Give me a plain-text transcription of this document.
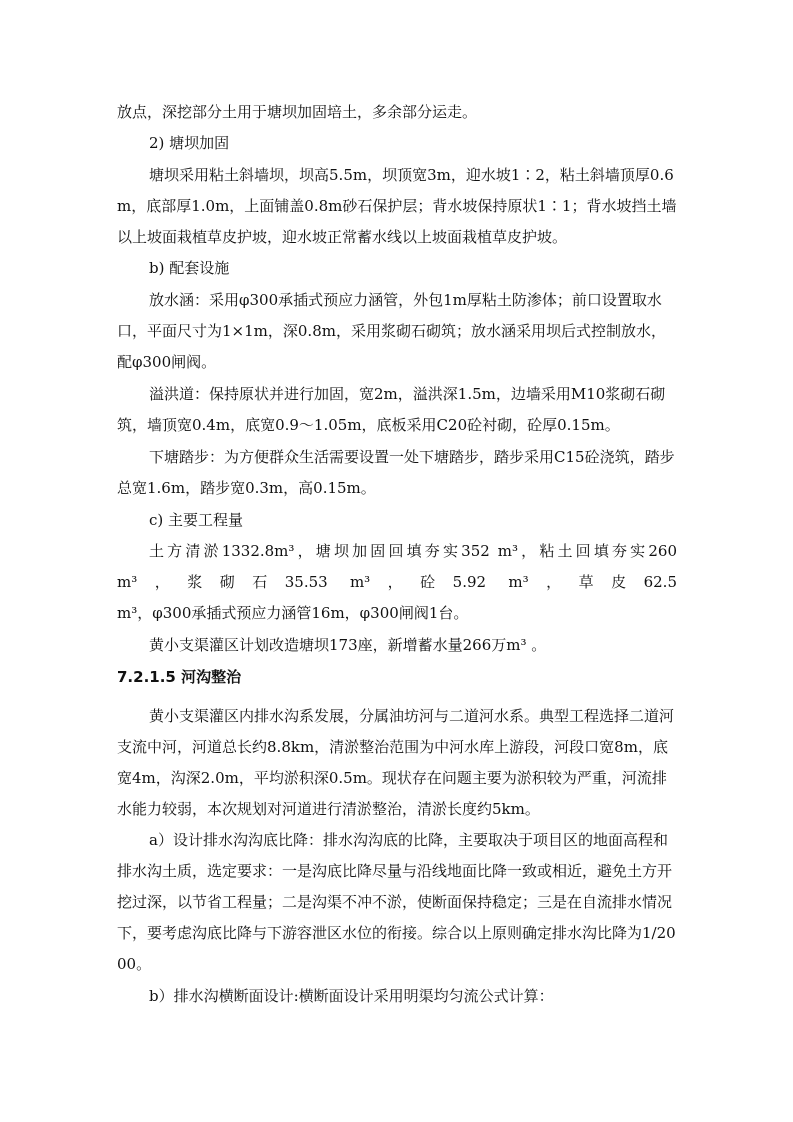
放点，深挖部分土用于塘坝加固培土，多余部分运走。

2) 塘坝加固

塘坝采用粘土斜墙坝，坝高5.5m，坝顶宽3m，迎水坡1∶2，粘土斜墙顶厚0.6m，底部厚1.0m，上面铺盖0.8m砂石保护层；背水坡保持原状1∶1；背水坡挡土墙以上坡面栽植草皮护坡，迎水坡正常蓄水线以上坡面栽植草皮护坡。

b) 配套设施

放水涵：采用φ300承插式预应力涵管，外包1m厚粘土防渗体；前口设置取水口，平面尺寸为1×1m，深0.8m，采用浆砌石砌筑；放水涵采用坝后式控制放水，配φ300闸阀。

溢洪道：保持原状并进行加固，宽2m，溢洪深1.5m，边墙采用M10浆砌石砌筑，墙顶宽0.4m，底宽0.9～1.05m，底板采用C20砼衬砌，砼厚0.15m。

下塘踏步：为方便群众生活需要设置一处下塘踏步，踏步采用C15砼浇筑，踏步总宽1.6m，踏步宽0.3m，高0.15m。

c) 主要工程量

土方清淤1332.8m³，塘坝加固回填夯实352 m³，粘土回填夯实260
m³，浆砌石35.53 m³，砼5.92 m³，草皮62.5
m³，φ300承插式预应力涵管16m，φ300闸阀1台。

黄小支渠灌区计划改造塘坝173座，新增蓄水量266万m³ 。

7.2.1.5 河沟整治

黄小支渠灌区内排水沟系发展，分属油坊河与二道河水系。典型工程选择二道河支流中河，河道总长约8.8km，清淤整治范围为中河水库上游段，河段口宽8m，底宽4m，沟深2.0m，平均淤积深0.5m。现状存在问题主要为淤积较为严重，河流排水能力较弱，本次规划对河道进行清淤整治，清淤长度约5km。

a）设计排水沟沟底比降：排水沟沟底的比降，主要取决于项目区的地面高程和排水沟土质，选定要求：一是沟底比降尽量与沿线地面比降一致或相近，避免土方开挖过深，以节省工程量；二是沟渠不冲不淤，使断面保持稳定；三是在自流排水情况下，要考虑沟底比降与下游容泄区水位的衔接。综合以上原则确定排水沟比降为1/2000。

b）排水沟横断面设计:横断面设计采用明渠均匀流公式计算：
